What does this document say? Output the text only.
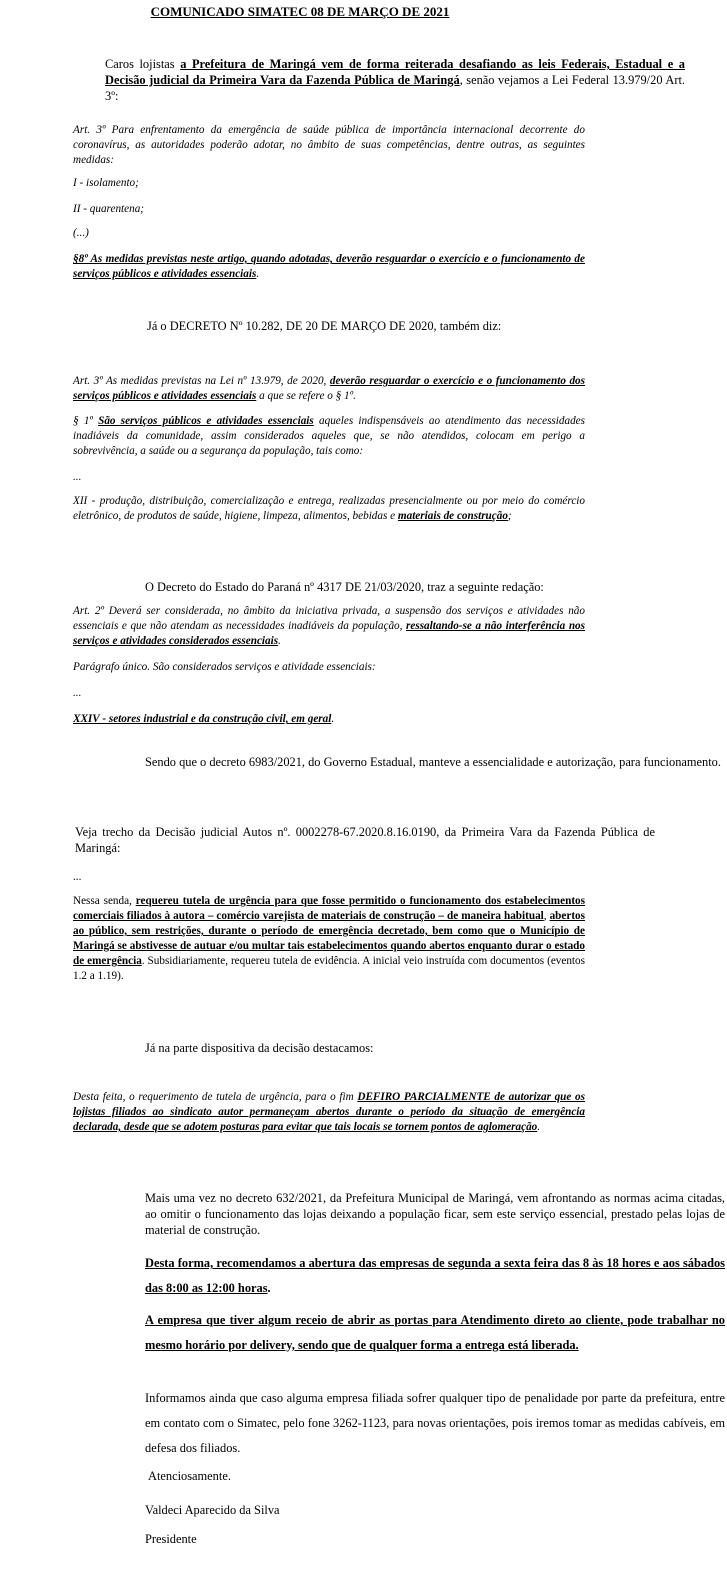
COMUNICADO SIMATEC 08 DE MARÇO DE 2021
Caros lojistas a Prefeitura de Maringá vem de forma reiterada desafiando as leis Federais, Estadual e a Decisão judicial da Primeira Vara da Fazenda Pública de Maringá, senão vejamos a Lei Federal 13.979/20 Art. 3º:
Art. 3º Para enfrentamento da emergência de saúde pública de importância internacional decorrente do coronavírus, as autoridades poderão adotar, no âmbito de suas competências, dentre outras, as seguintes medidas:
I - isolamento;
II - quarentena;
(...)
§8º As medidas previstas neste artigo, quando adotadas, deverão resguardar o exercício e o funcionamento de serviços públicos e atividades essenciais.
Já o DECRETO Nº 10.282, DE 20 DE MARÇO DE 2020, também diz:
Art. 3º As medidas previstas na Lei nº 13.979, de 2020, deverão resguardar o exercício e o funcionamento dos serviços públicos e atividades essenciais a que se refere o § 1º.
§ 1º São serviços públicos e atividades essenciais aqueles indispensáveis ao atendimento das necessidades inadiáveis da comunidade, assim considerados aqueles que, se não atendidos, colocam em perigo a sobrevivência, a saúde ou a segurança da população, tais como:
...
XII - produção, distribuição, comercialização e entrega, realizadas presencialmente ou por meio do comércio eletrônico, de produtos de saúde, higiene, limpeza, alimentos, bebidas e materiais de construção;
O Decreto do Estado do Paraná nº 4317 DE 21/03/2020, traz a seguinte redação:
Art. 2º Deverá ser considerada, no âmbito da iniciativa privada, a suspensão dos serviços e atividades não essenciais e que não atendam as necessidades inadiáveis da população, ressaltando-se a não interferência nos serviços e atividades considerados essenciais.
Parágrafo único. São considerados serviços e atividade essenciais:
...
XXIV - setores industrial e da construção civil, em geral.
Sendo que o decreto 6983/2021, do Governo Estadual, manteve a essencialidade e autorização, para funcionamento.
Veja trecho da Decisão judicial Autos nº. 0002278-67.2020.8.16.0190, da Primeira Vara da Fazenda Pública de Maringá:
...
Nessa senda, requereu tutela de urgência para que fosse permitido o funcionamento dos estabelecimentos comerciais filiados à autora – comércio varejista de materiais de construção – de maneira habitual, abertos ao público, sem restrições, durante o período de emergência decretado, bem como que o Município de Maringá se abstivesse de autuar e/ou multar tais estabelecimentos quando abertos enquanto durar o estado de emergência. Subsidiariamente, requereu tutela de evidência. A inicial veio instruída com documentos (eventos 1.2 a 1.19).
Já na parte dispositiva da decisão destacamos:
Desta feita, o requerimento de tutela de urgência, para o fim DEFIRO PARCIALMENTE de autorizar que os lojistas filiados ao sindicato autor permaneçam abertos durante o período da situação de emergência declarada, desde que se adotem posturas para evitar que tais locais se tornem pontos de aglomeração.
Mais uma vez no decreto 632/2021, da Prefeitura Municipal de Maringá, vem afrontando as normas acima citadas, ao omitir o funcionamento das lojas deixando a população ficar, sem este serviço essencial, prestado pelas lojas de material de construção.
Desta forma, recomendamos a abertura das empresas de segunda a sexta feira das 8 às 18 hores e aos sábados das 8:00 as 12:00 horas.
A empresa que tiver algum receio de abrir as portas para Atendimento direto ao cliente, pode trabalhar no mesmo horário por delivery, sendo que de qualquer forma a entrega está liberada.
Informamos ainda que caso alguma empresa filiada sofrer qualquer tipo de penalidade por parte da prefeitura, entre em contato com o Simatec, pelo fone 3262-1123, para novas orientações, pois iremos tomar as medidas cabíveis, em defesa dos filiados.
Atenciosamente.
Valdeci Aparecido da Silva
Presidente
